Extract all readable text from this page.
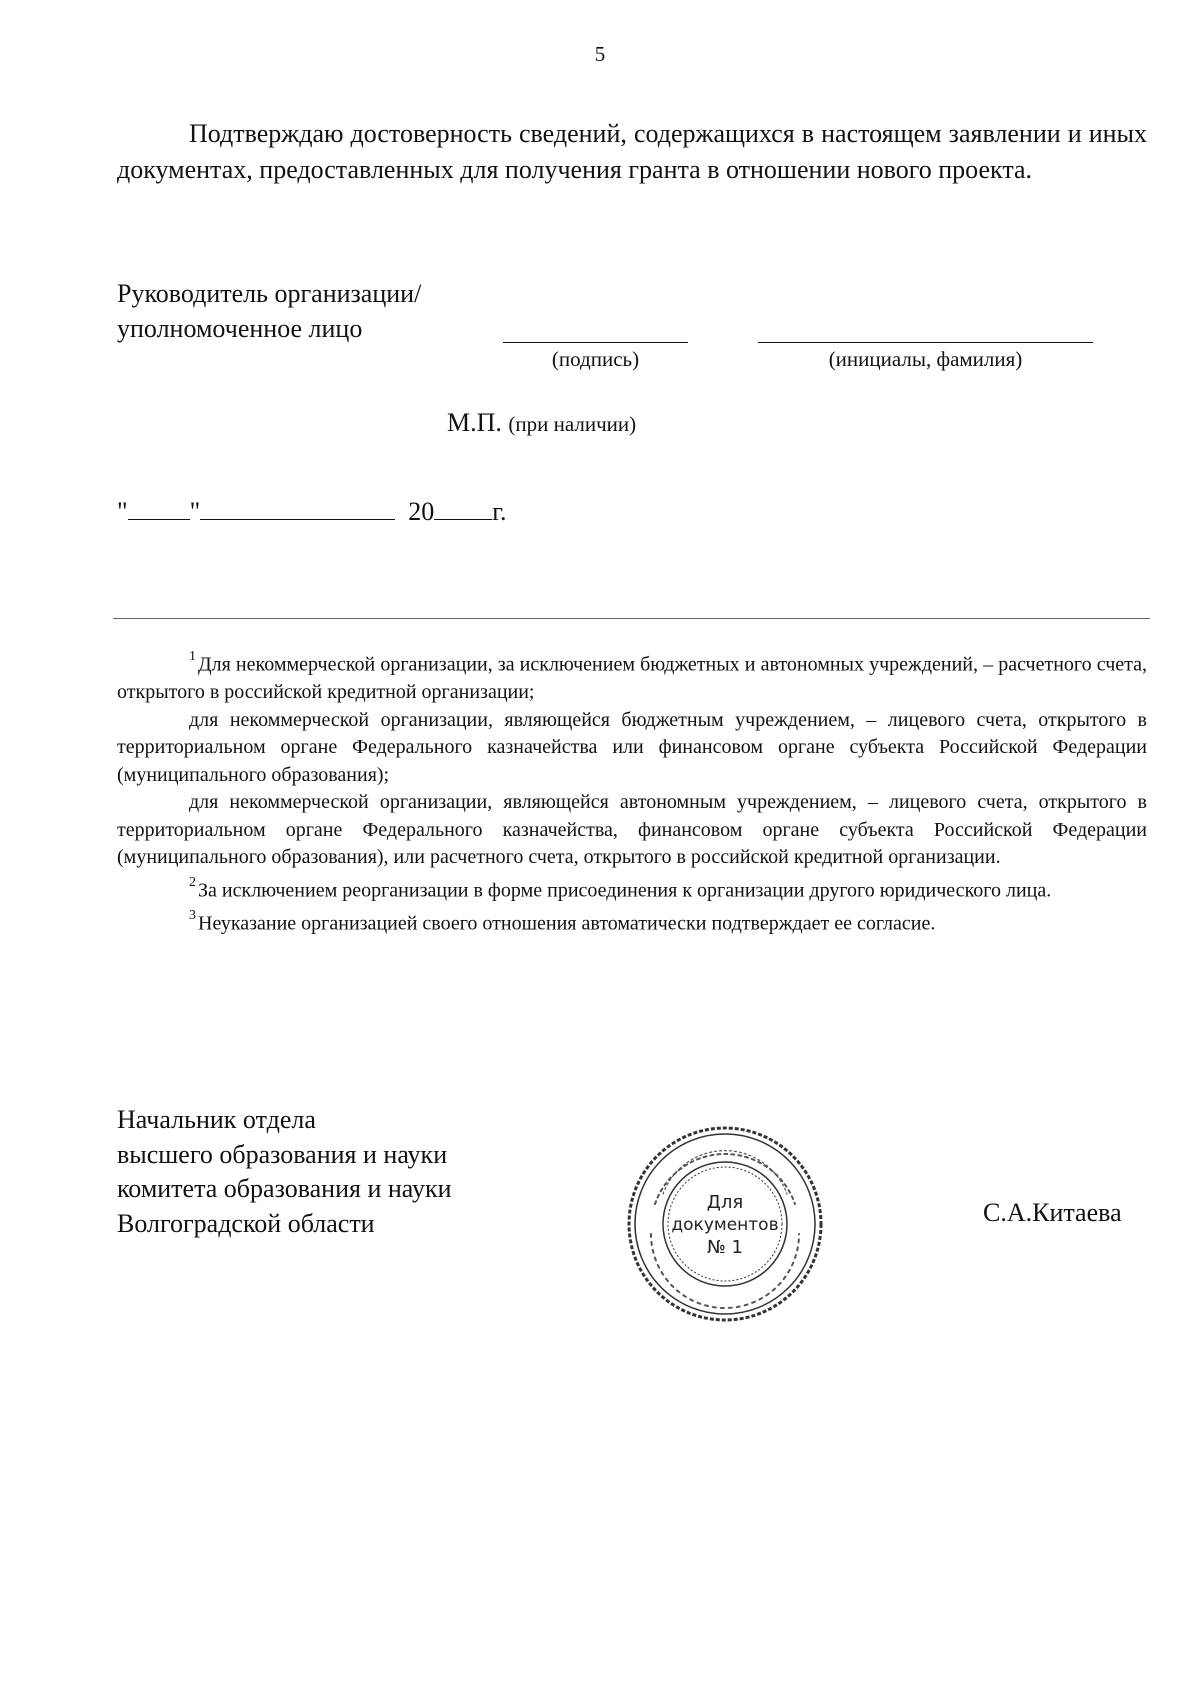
5
Подтверждаю достоверность сведений, содержащихся в настоящем заявлении и иных документах, предоставленных для получения гранта в отношении нового проекта.
Руководитель организации/
уполномоченное лицо
(подпись)	(инициалы, фамилия)
М.П. (при наличии)
" "	20 г.

$^1$ Для некоммерческой организации, за исключением бюджетных и автономных учреждений, – расчетного счета, открытого в российской кредитной организации;

для некоммерческой организации, являющейся бюджетным учреждением, – лицевого счета, открытого в территориальном органе Федерального казначейства или финансовом органе субъекта Российской Федерации (муниципального образования);

для некоммерческой организации, являющейся автономным учреждением, – лицевого счета, открытого в территориальном органе Федерального казначейства, финансовом органе субъекта Российской Федерации (муниципального образования), или расчетного счета, открытого в российской кредитной организации.

$^2$ За исключением реорганизации в форме присоединения к организации другого юридического лица.

$^3$ Неуказание организацией своего отношения автоматически подтверждает ее согласие.

Начальник отдела
высшего образования и науки
комитета образования и науки
Волгоградской области	С.А.Китаева
Для
документов
№ 1
